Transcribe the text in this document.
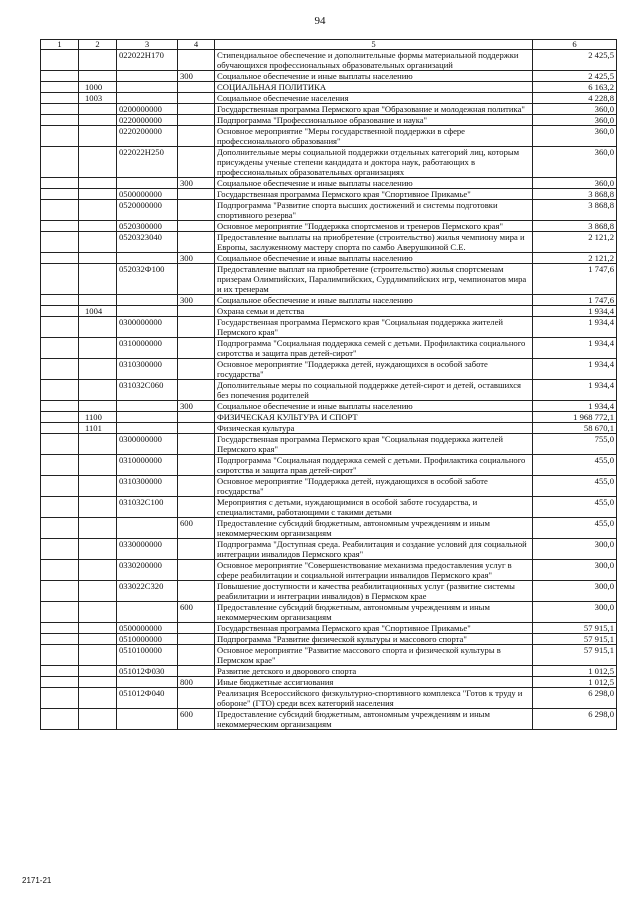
94
1	2	3	4	5	6
		022022Н170		Стипендиальное обеспечение и дополнительные формы материальной поддержки обучающихся профессиональных образовательных организаций	2 425,5
			300	Социальное обеспечение и иные выплаты населению	2 425,5
	1000			СОЦИАЛЬНАЯ ПОЛИТИКА	6 163,2
	1003			Социальное обеспечение населения	4 228,8
		0200000000		Государственная программа Пермского края "Образование и молодежная политика"	360,0
		0220000000		Подпрограмма "Профессиональное образование и наука"	360,0
		0220200000		Основное мероприятие "Меры государственной поддержки в сфере профессионального образования"	360,0
		022022Н250		Дополнительные меры социальной поддержки отдельных категорий лиц, которым присуждены ученые степени кандидата и доктора наук, работающих в профессиональных образовательных организациях	360,0
			300	Социальное обеспечение и иные выплаты населению	360,0
		0500000000		Государственная программа Пермского края "Спортивное Прикамье"	3 868,8
		0520000000		Подпрограмма "Развитие спорта высших достижений и системы подготовки спортивного резерва"	3 868,8
		0520300000		Основное мероприятие "Поддержка спортсменов и тренеров Пермского края"	3 868,8
		0520323040		Предоставление выплаты на приобретение (строительство) жилья чемпиону мира и Европы, заслуженному мастеру спорта по самбо Аверушкиной С.Е.	2 121,2
			300	Социальное обеспечение и иные выплаты населению	2 121,2
		052032Ф100		Предоставление выплат на приобретение (строительство) жилья спортсменам призерам Олимпийских, Паралимпийских, Сурдлимпийских игр, чемпионатов мира и их тренерам	1 747,6
			300	Социальное обеспечение и иные выплаты населению	1 747,6
	1004			Охрана семьи и детства	1 934,4
		0300000000		Государственная программа Пермского края "Социальная поддержка жителей Пермского края"	1 934,4
		0310000000		Подпрограмма "Социальная поддержка семей с детьми. Профилактика социального сиротства и защита прав детей-сирот"	1 934,4
		0310300000		Основное мероприятие "Поддержка детей, нуждающихся в особой заботе государства"	1 934,4
		031032С060		Дополнительные меры по социальной поддержке детей-сирот и детей, оставшихся без попечения родителей	1 934,4
			300	Социальное обеспечение и иные выплаты населению	1 934,4
	1100			ФИЗИЧЕСКАЯ КУЛЬТУРА И СПОРТ	1 968 772,1
	1101			Физическая культура	58 670,1
		0300000000		Государственная программа Пермского края "Социальная поддержка жителей Пермского края"	755,0
		0310000000		Подпрограмма "Социальная поддержка семей с детьми. Профилактика социального сиротства и защита прав детей-сирот"	455,0
		0310300000		Основное мероприятие "Поддержка детей, нуждающихся в особой заботе государства"	455,0
		031032С100		Мероприятия с детьми, нуждающимися в особой заботе государства, и специалистами, работающими с такими детьми	455,0
			600	Предоставление субсидий бюджетным, автономным учреждениям и иным некоммерческим организациям	455,0
		0330000000		Подпрограмма "Доступная среда. Реабилитация и создание условий для социальной интеграции инвалидов Пермского края"	300,0
		0330200000		Основное мероприятие "Совершенствование механизма предоставления услуг в сфере реабилитации и социальной интеграции инвалидов Пермского края"	300,0
		033022С320		Повышение доступности и качества реабилитационных услуг (развитие системы реабилитации и интеграции инвалидов) в Пермском крае	300,0
			600	Предоставление субсидий бюджетным, автономным учреждениям и иным некоммерческим организациям	300,0
		0500000000		Государственная программа Пермского края "Спортивное Прикамье"	57 915,1
		0510000000		Подпрограмма "Развитие физической культуры и массового спорта"	57 915,1
		0510100000		Основное мероприятие "Развитие массового спорта и физической культуры в Пермском крае"	57 915,1
		051012Ф030		Развитие детского и дворового спорта	1 012,5
			800	Иные бюджетные ассигнования	1 012,5
		051012Ф040		Реализация Всероссийского физкультурно-спортивного комплекса "Готов к труду и обороне" (ГТО) среди всех категорий населения	6 298,0
			600	Предоставление субсидий бюджетным, автономным учреждениям и иным некоммерческим организациям	6 298,0
2171-21
